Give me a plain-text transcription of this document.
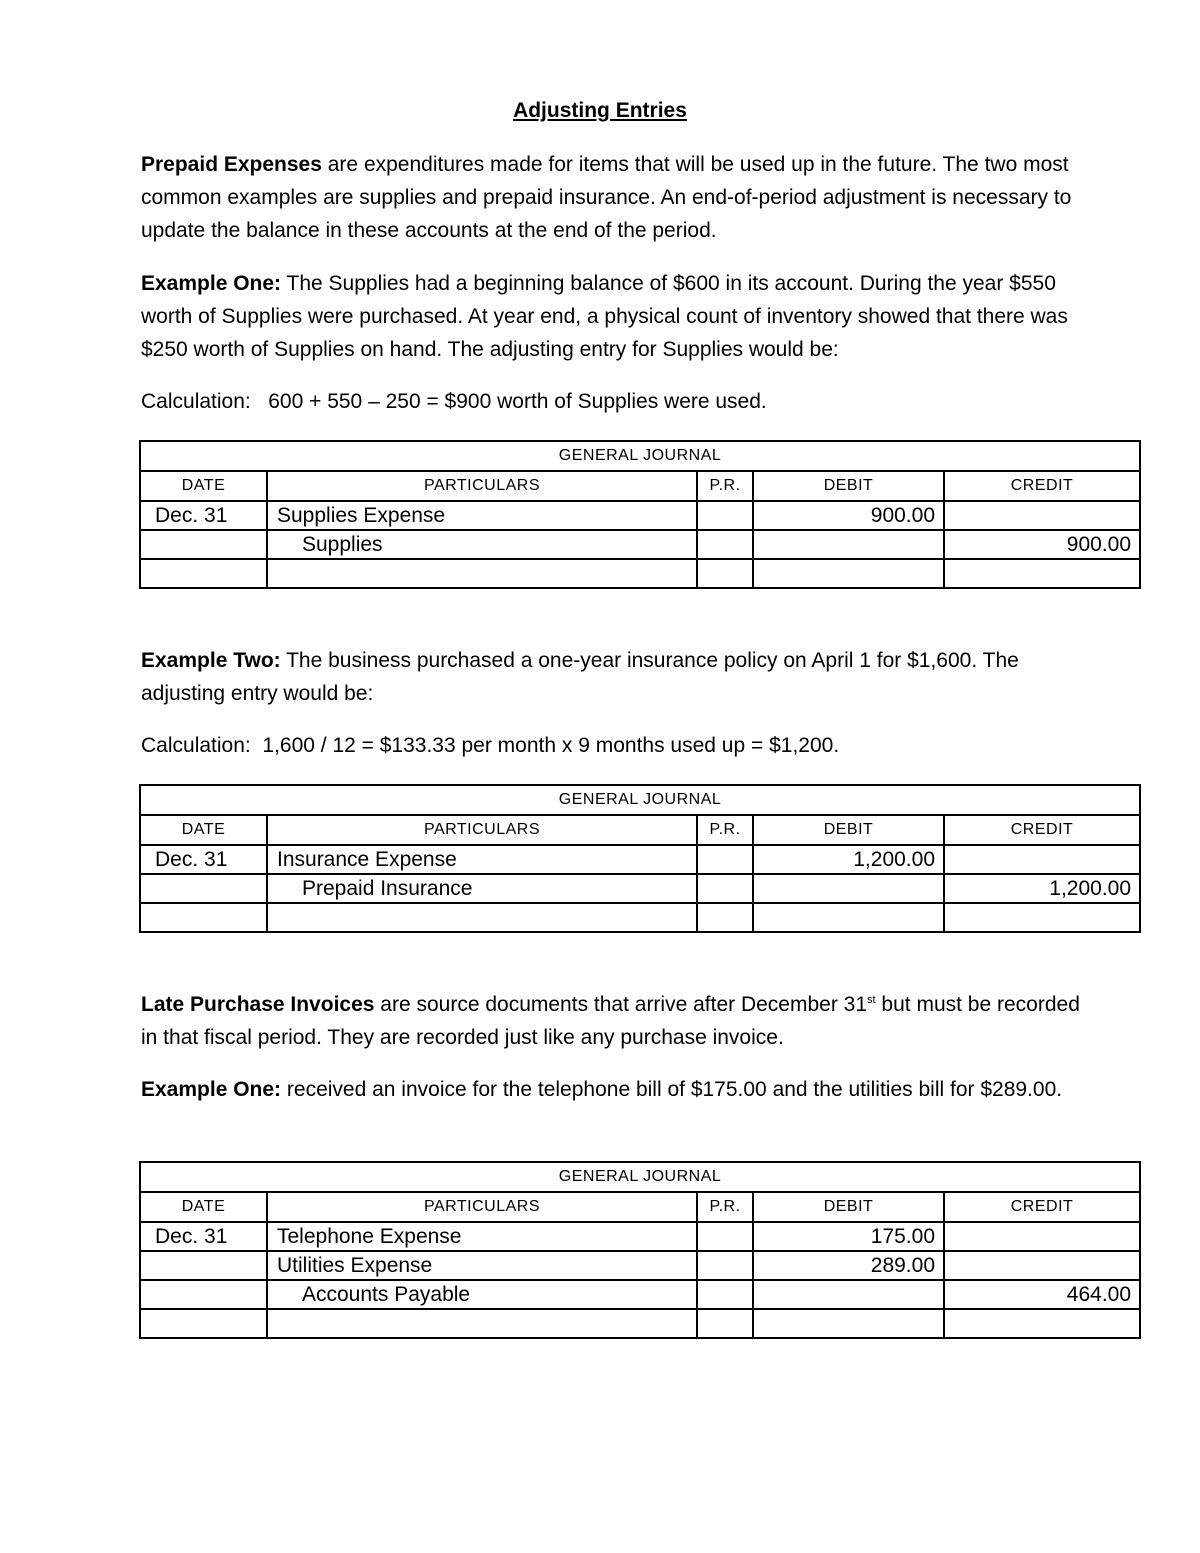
Adjusting Entries
Prepaid Expenses are expenditures made for items that will be used up in the future. The two most common examples are supplies and prepaid insurance. An end-of-period adjustment is necessary to update the balance in these accounts at the end of the period.
Example One: The Supplies had a beginning balance of $600 in its account. During the year $550 worth of Supplies were purchased. At year end, a physical count of inventory showed that there was $250 worth of Supplies on hand. The adjusting entry for Supplies would be:
Calculation:   600 + 550 – 250 = $900 worth of Supplies were used.
GENERAL JOURNAL				
DATE	PARTICULARS	P.R.	DEBIT	CREDIT
Dec. 31	Supplies Expense		900.00	
	Supplies			900.00

Example Two: The business purchased a one-year insurance policy on April 1 for $1,600. The adjusting entry would be:
Calculation:  1,600 / 12 = $133.33 per month x 9 months used up = $1,200.
GENERAL JOURNAL				
DATE	PARTICULARS	P.R.	DEBIT	CREDIT
Dec. 31	Insurance Expense		1,200.00	
	Prepaid Insurance			1,200.00

Late Purchase Invoices are source documents that arrive after December 31st but must be recorded in that fiscal period. They are recorded just like any purchase invoice.
Example One: received an invoice for the telephone bill of $175.00 and the utilities bill for $289.00.
GENERAL JOURNAL				
DATE	PARTICULARS	P.R.	DEBIT	CREDIT
Dec. 31	Telephone Expense		175.00	
	Utilities Expense		289.00	
	Accounts Payable			464.00
